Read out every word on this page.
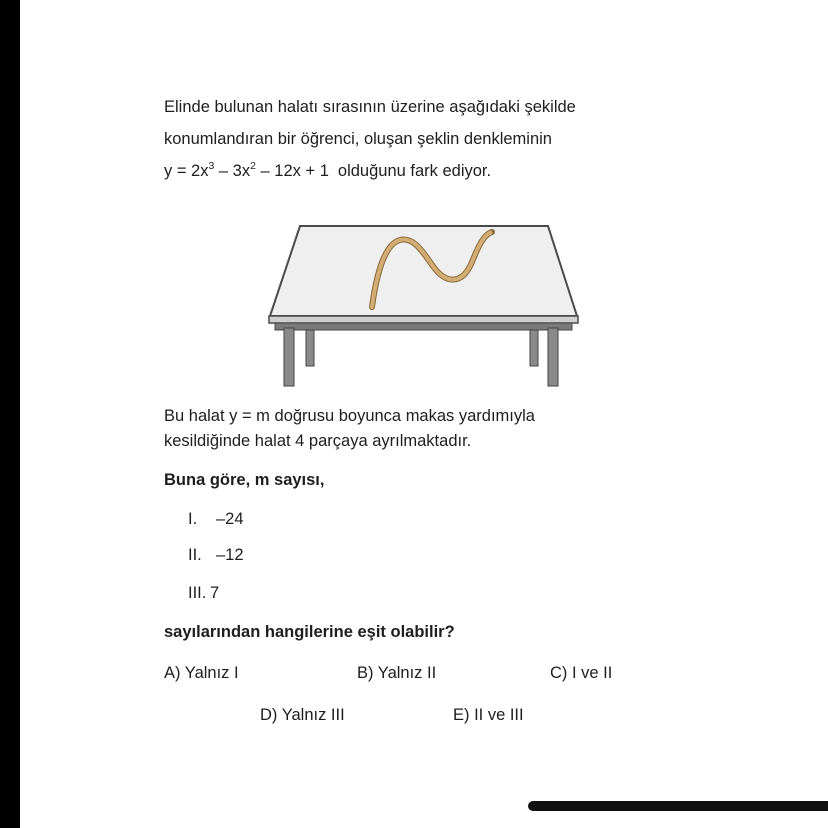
Elinde bulunan halatı sırasının üzerine aşağıdaki şekilde
konumlandıran bir öğrenci, oluşan şeklin denkleminin
$y = 2x^3 - 3x^2 - 12x + 1$ olduğunu fark ediyor.
Bu halat y = m doğrusu boyunca makas yardımıyla
kesildiğinde halat 4 parçaya ayrılmaktadır.
Buna göre, m sayısı,
I. –24
II. –12
III. 7
sayılarından hangilerine eşit olabilir?
A) Yalnız I	B) Yalnız II	C) I ve II
D) Yalnız III	E) II ve III
